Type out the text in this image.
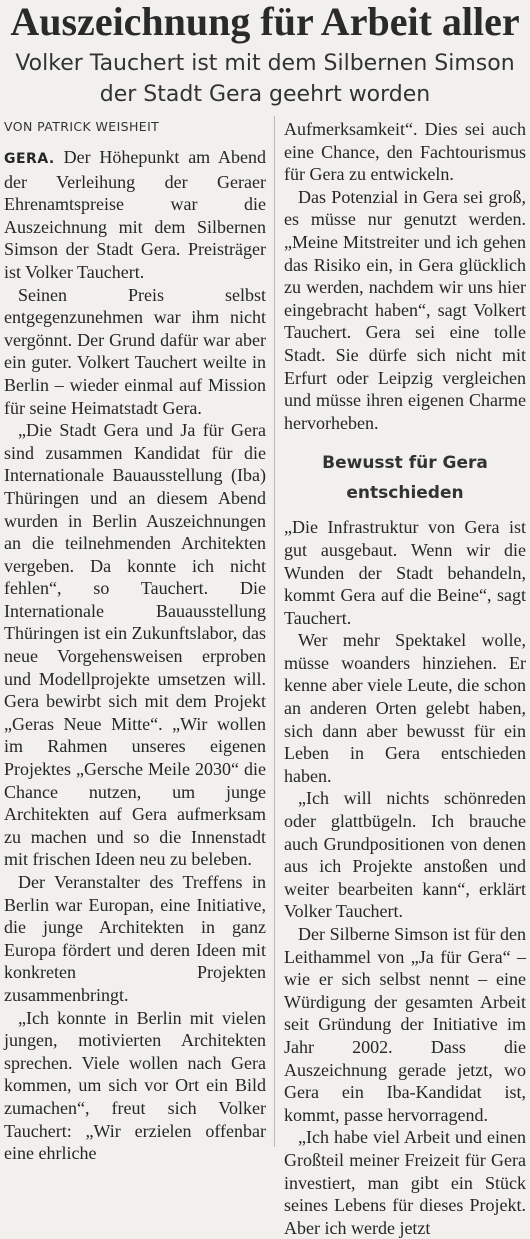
Auszeichnung für Arbeit aller
Volker Tauchert ist mit dem Silbernen Simson
der Stadt Gera geehrt worden
VON PATRICK WEISHEIT

GERA. Der Höhepunkt am Abend der Verleihung der Geraer Ehrenamtspreise war die Auszeichnung mit dem Silbernen Simson der Stadt Gera. Preisträger ist Volker Tauchert.

Seinen Preis selbst entgegenzunehmen war ihm nicht vergönnt. Der Grund dafür war aber ein guter. Volkert Tauchert weilte in Berlin – wieder einmal auf Mission für seine Heimatstadt Gera.

„Die Stadt Gera und Ja für Gera sind zusammen Kandidat für die Internationale Bauausstellung (Iba) Thüringen und an diesem Abend wurden in Berlin Auszeichnungen an die teilnehmenden Architekten vergeben. Da konnte ich nicht fehlen“, so Tauchert. Die Internationale Bauausstellung Thüringen ist ein Zukunftslabor, das neue Vorgehensweisen erproben und Modellprojekte umsetzen will. Gera bewirbt sich mit dem Projekt „Geras Neue Mitte“. „Wir wollen im Rahmen unseres eigenen Projektes „Gersche Meile 2030“ die Chance nutzen, um junge Architekten auf Gera aufmerksam zu machen und so die Innenstadt mit frischen Ideen neu zu beleben.

Der Veranstalter des Treffens in Berlin war Europan, eine Initiative, die junge Architekten in ganz Europa fördert und deren Ideen mit konkreten Projekten zusammenbringt.

„Ich konnte in Berlin mit vielen jungen, motivierten Architekten sprechen. Viele wollen nach Gera kommen, um sich vor Ort ein Bild zumachen“, freut sich Volker Tauchert: „Wir erzielen offenbar eine ehrliche

Aufmerksamkeit“. Dies sei auch eine Chance, den Fachtourismus für Gera zu entwickeln.

Das Potenzial in Gera sei groß, es müsse nur genutzt werden. „Meine Mitstreiter und ich gehen das Risiko ein, in Gera glücklich zu werden, nachdem wir uns hier eingebracht haben“, sagt Volkert Tauchert. Gera sei eine tolle Stadt. Sie dürfe sich nicht mit Erfurt oder Leipzig vergleichen und müsse ihren eigenen Charme hervorheben.

Bewusst für Gera
entschieden

„Die Infrastruktur von Gera ist gut ausgebaut. Wenn wir die Wunden der Stadt behandeln, kommt Gera auf die Beine“, sagt Tauchert.

Wer mehr Spektakel wolle, müsse woanders hinziehen. Er kenne aber viele Leute, die schon an anderen Orten gelebt haben, sich dann aber bewusst für ein Leben in Gera entschieden haben.

„Ich will nichts schönreden oder glattbügeln. Ich brauche auch Grundpositionen von denen aus ich Projekte anstoßen und weiter bearbeiten kann“, erklärt Volker Tauchert.

Der Silberne Simson ist für den Leithammel von „Ja für Gera“ – wie er sich selbst nennt – eine Würdigung der gesamten Arbeit seit Gründung der Initiative im Jahr 2002. Dass die Auszeichnung gerade jetzt, wo Gera ein Iba-Kandidat ist, kommt, passe hervorragend.

„Ich habe viel Arbeit und einen Großteil meiner Freizeit für Gera investiert, man gibt ein Stück seines Lebens für dieses Projekt. Aber ich werde jetzt
